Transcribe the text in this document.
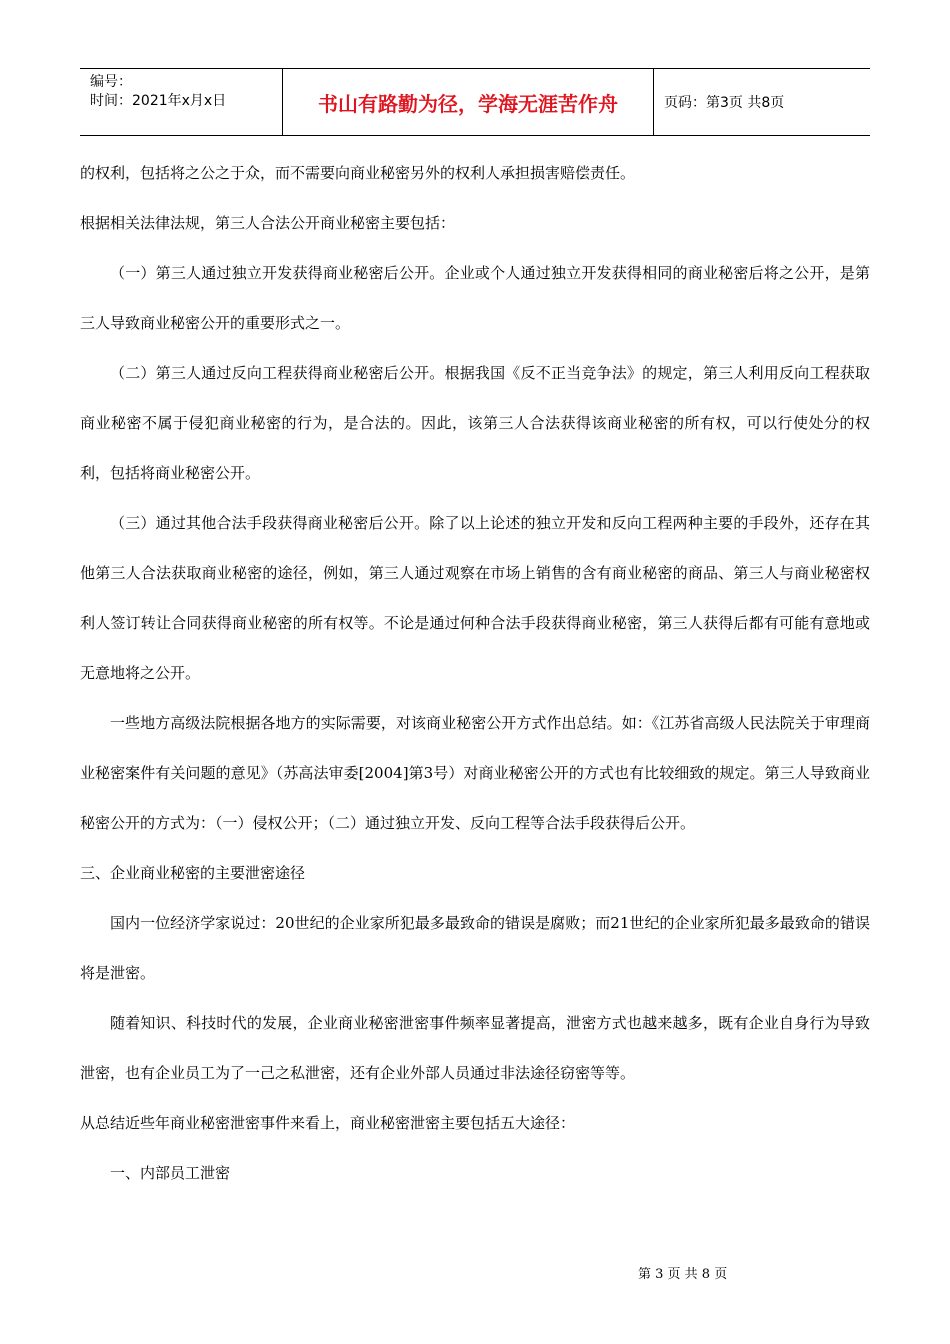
编号：
时间：2021年x月x日	书山有路勤为径，学海无涯苦作舟	页码：第3页 共8页

的权利，包括将之公之于众，而不需要向商业秘密另外的权利人承担损害赔偿责任。

根据相关法律法规，第三人合法公开商业秘密主要包括：

（一）第三人通过独立开发获得商业秘密后公开。企业或个人通过独立开发获得相同的商业秘密后将之公开，是第三人导致商业秘密公开的重要形式之一。

（二）第三人通过反向工程获得商业秘密后公开。根据我国《反不正当竞争法》的规定，第三人利用反向工程获取商业秘密不属于侵犯商业秘密的行为，是合法的。因此，该第三人合法获得该商业秘密的所有权，可以行使处分的权利，包括将商业秘密公开。

（三）通过其他合法手段获得商业秘密后公开。除了以上论述的独立开发和反向工程两种主要的手段外，还存在其他第三人合法获取商业秘密的途径，例如，第三人通过观察在市场上销售的含有商业秘密的商品、第三人与商业秘密权利人签订转让合同获得商业秘密的所有权等。不论是通过何种合法手段获得商业秘密，第三人获得后都有可能有意地或无意地将之公开。

一些地方高级法院根据各地方的实际需要，对该商业秘密公开方式作出总结。如：《江苏省高级人民法院关于审理商业秘密案件有关问题的意见》（苏高法审委[2004]第3号）对商业秘密公开的方式也有比较细致的规定。第三人导致商业秘密公开的方式为：（一）侵权公开；（二）通过独立开发、反向工程等合法手段获得后公开。

三、企业商业秘密的主要泄密途径

国内一位经济学家说过：20世纪的企业家所犯最多最致命的错误是腐败；而21世纪的企业家所犯最多最致命的错误将是泄密。

随着知识、科技时代的发展，企业商业秘密泄密事件频率显著提高，泄密方式也越来越多，既有企业自身行为导致泄密，也有企业员工为了一己之私泄密，还有企业外部人员通过非法途径窃密等等。

从总结近些年商业秘密泄密事件来看上，商业秘密泄密主要包括五大途径：

一、内部员工泄密

第 3 页 共 8 页
